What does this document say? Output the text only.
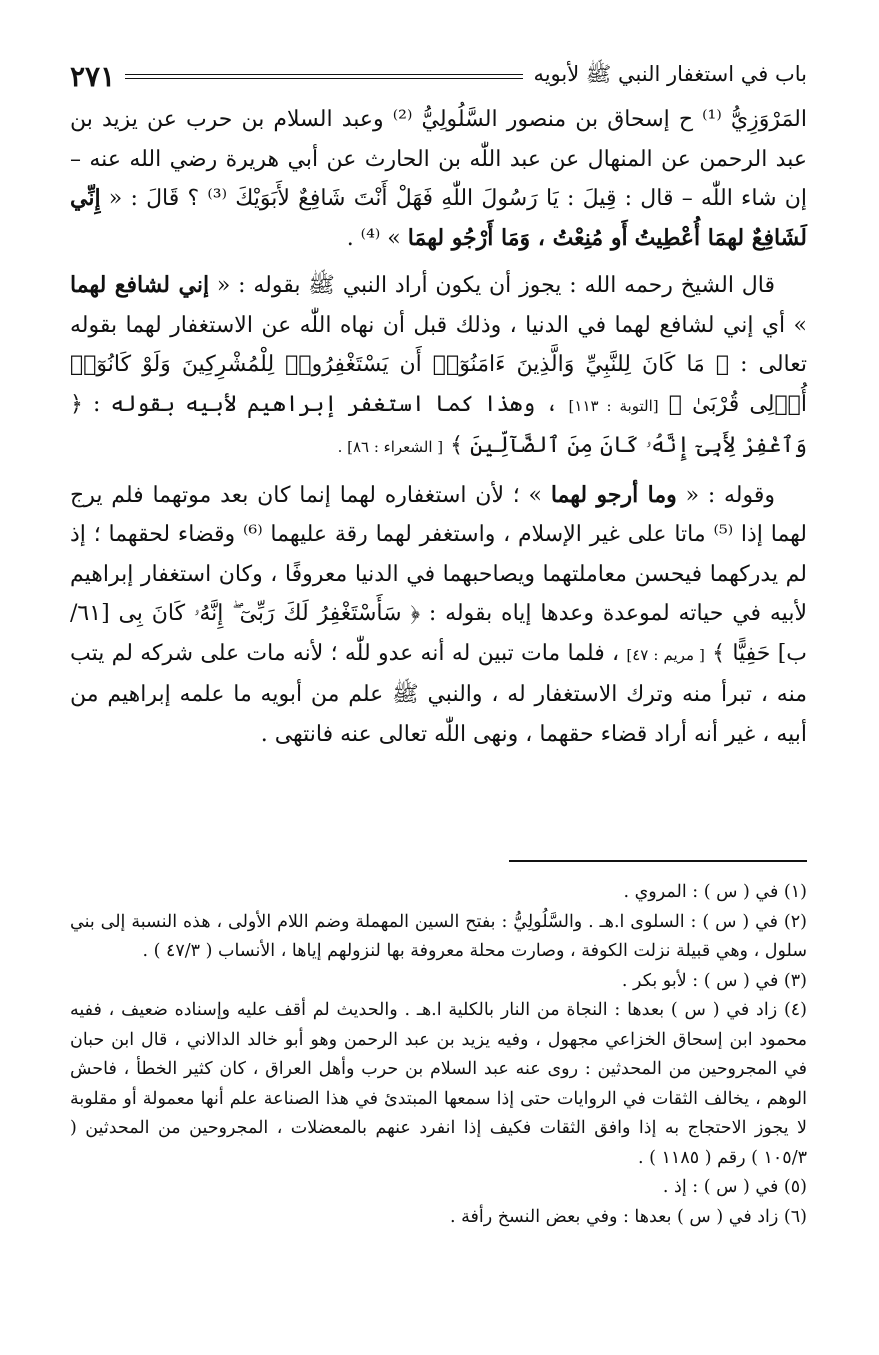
باب في استغفار النبي ﷺ لأبويه
٢٧١

المَرْوَزِيُّ ⁽¹⁾ ح إسحاق بن منصور السَّلُولِيُّ ⁽²⁾ وعبد السلام بن حرب عن يزيد بن عبد الرحمن عن المنهال عن عبد اللّٰه بن الحارث عن أبي هريرة رضي الله عنه – إن شاء اللّٰه – قال : قِيلَ : يَا رَسُولَ اللّٰهِ فَهَلْ أَنْتَ شَافِعٌ لأَبَوَيْكَ ⁽³⁾ ؟ قَالَ : « إِنِّي لَشَافِعٌ لهمَا أُعْطِيتُ أَو مُنِعْتُ ، وَمَا أَرْجُو لهمَا » ⁽⁴⁾ .

قال الشيخ رحمه الله : يجوز أن يكون أراد النبي ﷺ بقوله : « إني لشافع لهما » أي إني لشافع لهما في الدنيا ، وذلك قبل أن نهاه اللّٰه عن الاستغفار لهما بقوله تعالى : ﴿ مَا كَانَ لِلنَّبِيِّ وَالَّذِينَ ءَامَنُوٓا۟ أَن يَسْتَغْفِرُوا۟ لِلْمُشْرِكِينَ وَلَوْ كَانُوٓا۟ أُو۟لِى قُرْبَىٰ ﴾ [التوبة : ١١٣] ، وهذا كما استغفر إبراهيم لأبيه بقوله : ﴿ وَٱغْفِرْ لِأَبِىٓ إِنَّهُۥ كَانَ مِنَ ٱلضَّآلِّينَ ﴾ [ الشعراء : ٨٦] .

وقوله : « وما أرجو لهما » ؛ لأن استغفاره لهما إنما كان بعد موتهما فلم يرج لهما إذا ⁽⁵⁾ ماتا على غير الإسلام ، واستغفر لهما رقة عليهما ⁽⁶⁾ وقضاء لحقهما ؛ إذ لم يدركهما فيحسن معاملتهما ويصاحبهما في الدنيا معروفًا ، وكان استغفار إبراهيم لأبيه في حياته لموعدة وعدها إياه بقوله : ﴿ سَأَسْتَغْفِرُ لَكَ رَبِّىٓ ۖ إِنَّهُۥ كَانَ بِى [٦١/ب] حَفِيًّا ﴾ [ مريم : ٤٧] ، فلما مات تبين له أنه عدو للّٰه ؛ لأنه مات على شركه لم يتب منه ، تبرأ منه وترك الاستغفار له ، والنبي ﷺ علم من أبويه ما علمه إبراهيم من أبيه ، غير أنه أراد قضاء حقهما ، ونهى اللّٰه تعالى عنه فانتهى .

(١) في ( س ) : المروي .

(٢) في ( س ) : السلوى ا.هـ . والسَّلُولِيُّ : بفتح السين المهملة وضم اللام الأولى ، هذه النسبة إلى بني سلول ، وهي قبيلة نزلت الكوفة ، وصارت محلة معروفة بها لنزولهم إياها ، الأنساب ( ٤٧/٣ ) .

(٣) في ( س ) : لأبو بكر .

(٤) زاد في ( س ) بعدها : النجاة من النار بالكلية ا.هـ . والحديث لم أقف عليه وإسناده ضعيف ، ففيه محمود ابن إسحاق الخزاعي مجهول ، وفيه يزيد بن عبد الرحمن وهو أبو خالد الدالاني ، قال ابن حبان في المجروحين من المحدثين : روى عنه عبد السلام بن حرب وأهل العراق ، كان كثير الخطأ ، فاحش الوهم ، يخالف الثقات في الروايات حتى إذا سمعها المبتدئ في هذا الصناعة علم أنها معمولة أو مقلوبة لا يجوز الاحتجاج به إذا وافق الثقات فكيف إذا انفرد عنهم بالمعضلات ، المجروحين من المحدثين ( ١٠٥/٣ ) رقم ( ١١٨٥ ) .

(٥) في ( س ) : إذ .

(٦) زاد في ( س ) بعدها : وفي بعض النسخ رأفة .
